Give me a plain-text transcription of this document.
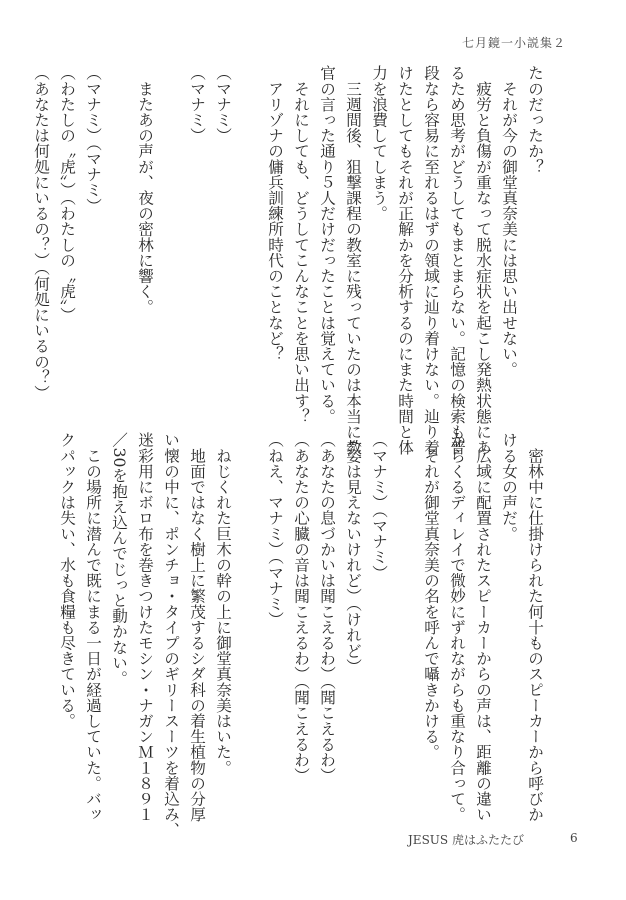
七月鏡一小説集２
たのだったか？
　それが今の御堂真奈美には思い出せない。
　疲労と負傷が重なって脱水症状を起こし発熱状態にあ
るため思考がどうしてもまとまらない。記憶の検索も普
段なら容易に至れるはずの領域に辿り着けない。辿り着
けたとしてもそれが正解かを分析するのにまた時間と体
力を浪費してしまう。
　三週間後、狙撃課程の教室に残っていたのは本当に教
官の言った通り５人だけだったことは覚えている。
　それにしても、どうしてこんなことを思い出す？
　アリゾナの傭兵訓練所時代のことなど？
（マナミ）
（マナミ）
　またあの声が、夜の密林に響く。
（マナミ）（マナミ）
（わたしの〝虎〟）（わたしの〝虎〟）
（あなたは何処にいるの？）（何処にいるの？）
　密林中に仕掛けられた何十ものスピーカーから呼びか
ける女の声だ。
　広域に配置されたスピーカーからの声は、距離の違い
からくるディレイで微妙にずれながらも重なり合って。
　それが御堂真奈美の名を呼んで囁きかける。
（マナミ）（マナミ）
（姿は見えないけれど）（けれど）
（あなたの息づかいは聞こえるわ）（聞こえるわ）
（あなたの心臓の音は聞こえるわ）（聞こえるわ）
（ねえ、マナミ）（マナミ）
　ねじくれた巨木の幹の上に御堂真奈美はいた。
　地面ではなく樹上に繁茂するシダ科の着生植物の分厚
い懐の中に、ポンチョ・タイプのギリースーツを着込み、
迷彩用にボロ布を巻きつけたモシン・ナガンＭ１８９１
／30を抱え込んでじっと動かない。
　この場所に潜んで既にまる一日が経過していた。バッ
クパックは失い、水も食糧も尽きている。
JESUS 虎はふたたび	6
